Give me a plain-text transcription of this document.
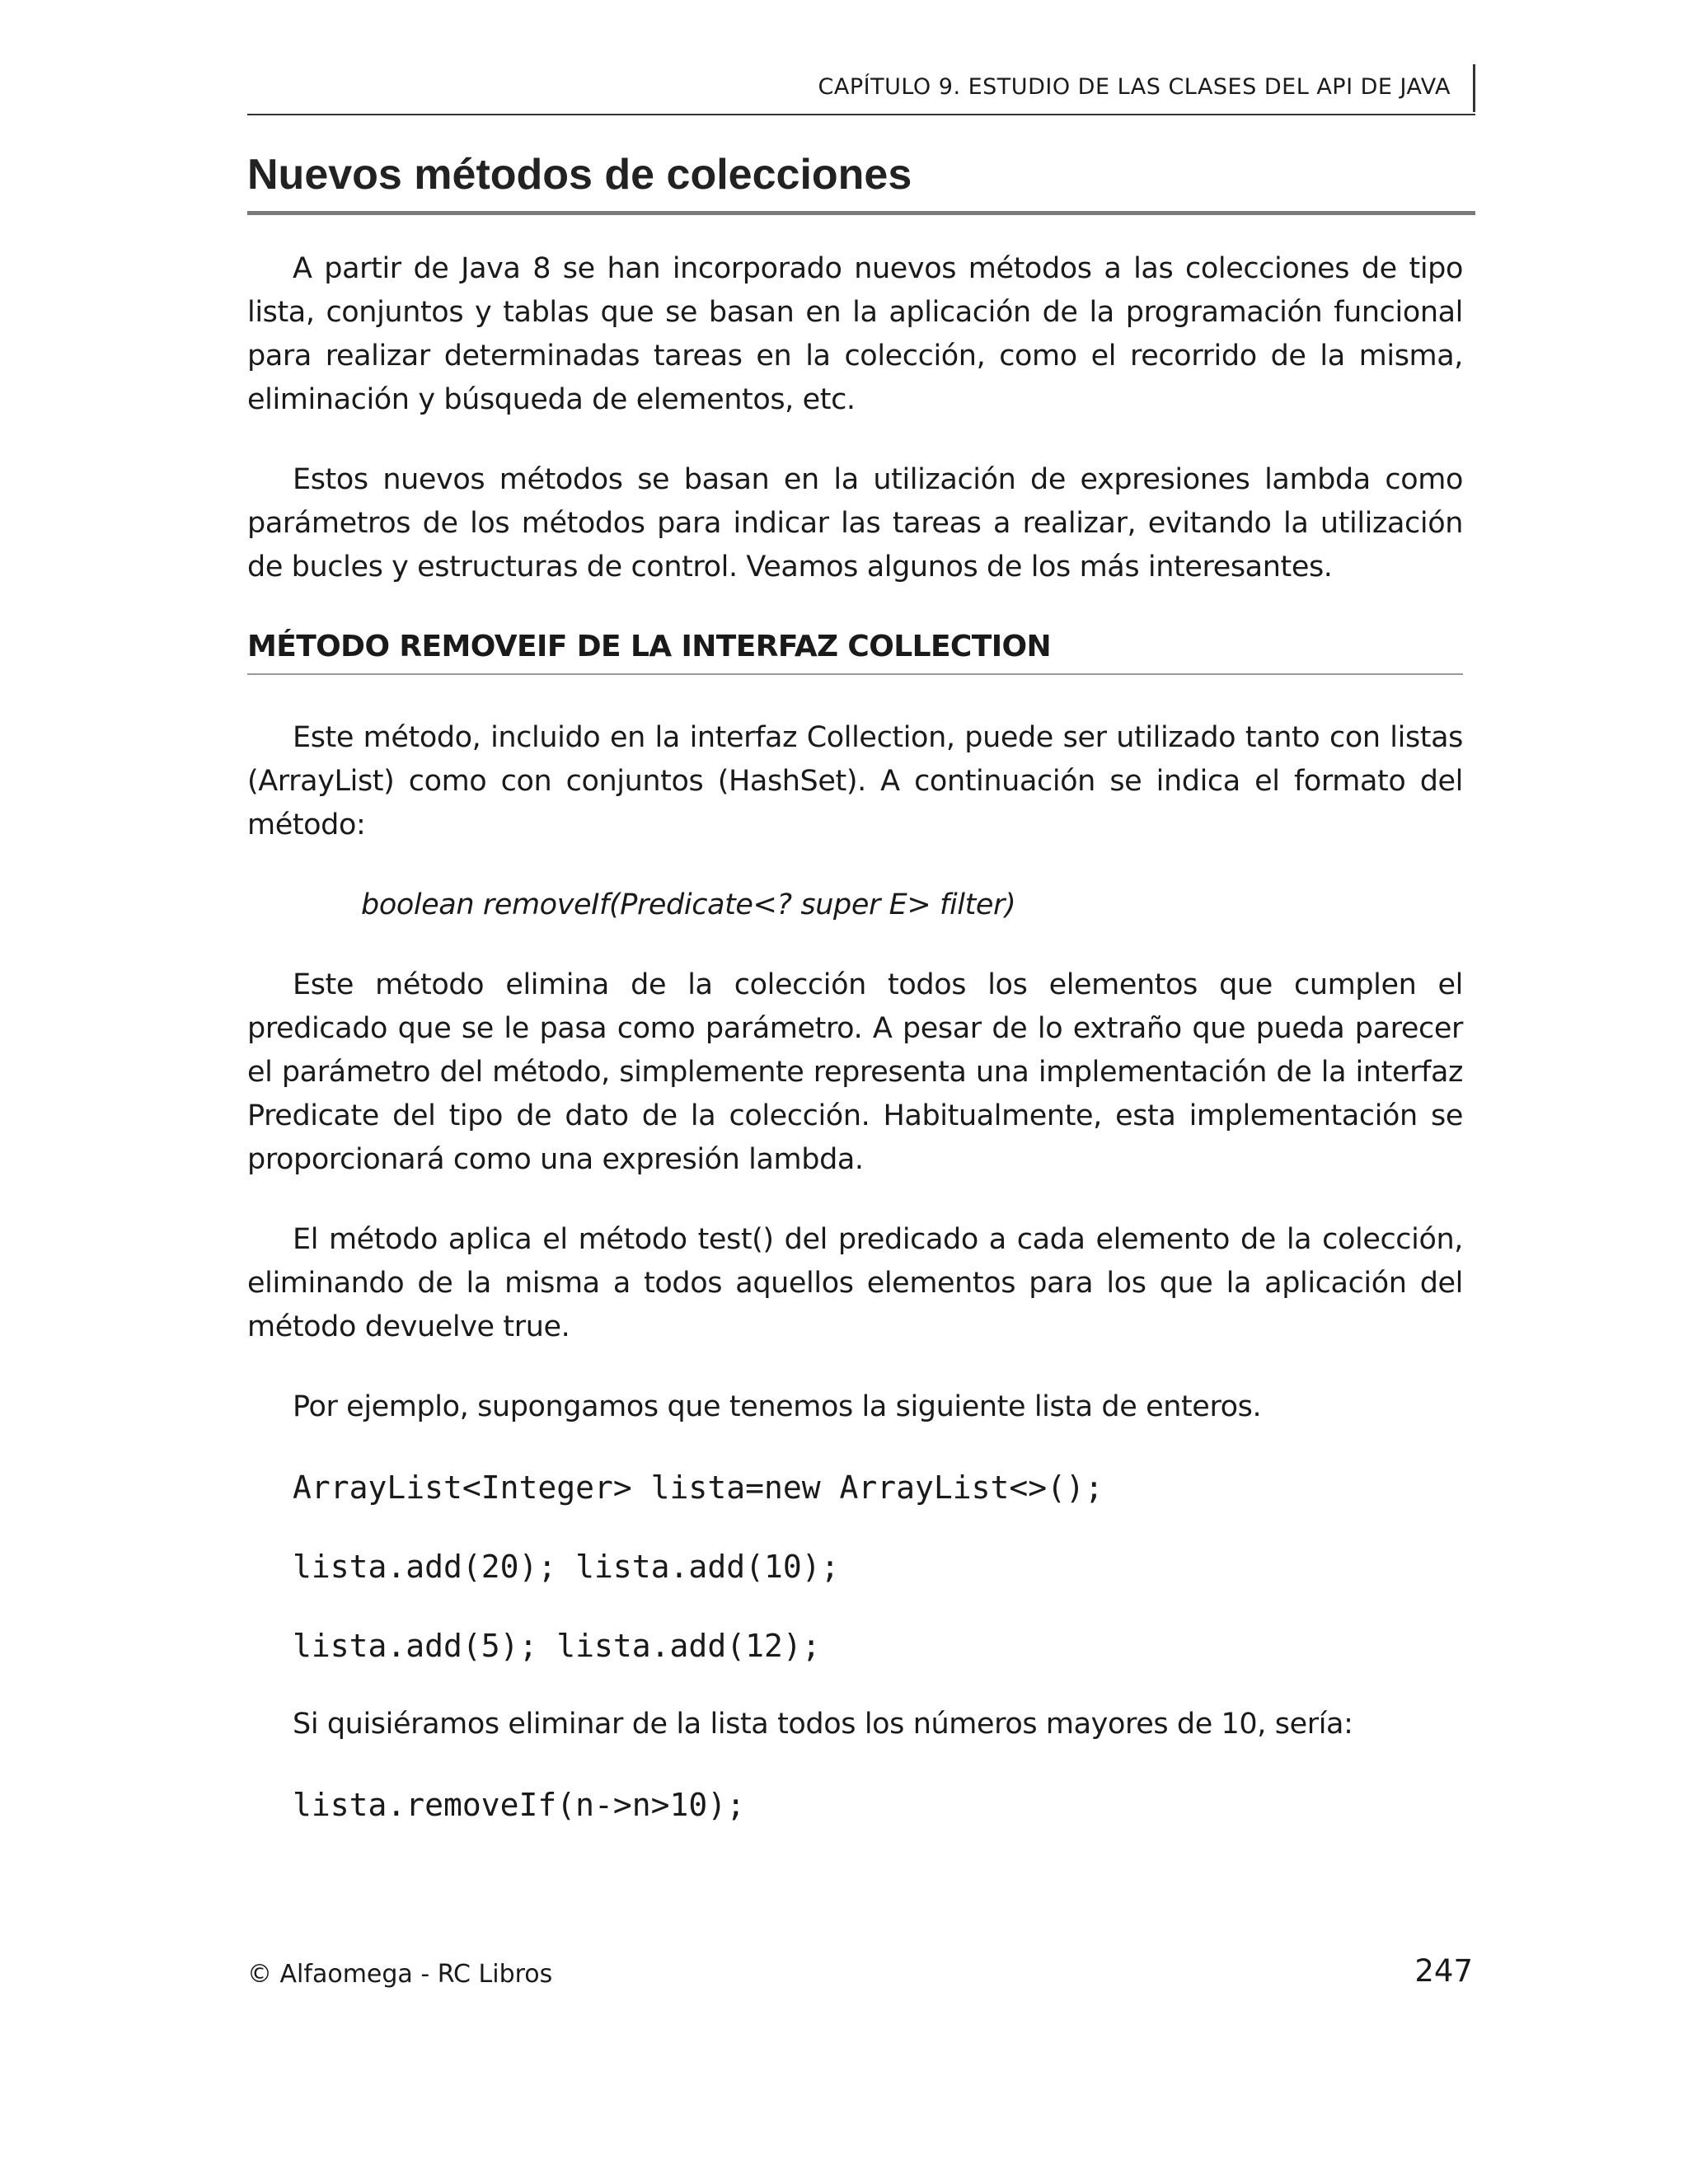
CAPÍTULO 9. ESTUDIO DE LAS CLASES DEL API DE JAVA
Nuevos métodos de colecciones

A partir de Java 8 se han incorporado nuevos métodos a las colecciones de tipo lista, conjuntos y tablas que se basan en la aplicación de la programación funcional para realizar determinadas tareas en la colección, como el recorrido de la misma, eliminación y búsqueda de elementos, etc.

Estos nuevos métodos se basan en la utilización de expresiones lambda como parámetros de los métodos para indicar las tareas a realizar, evitando la utilización de bucles y estructuras de control. Veamos algunos de los más interesantes.

MÉTODO REMOVEIF DE LA INTERFAZ COLLECTION

Este método, incluido en la interfaz Collection, puede ser utilizado tanto con listas (ArrayList) como con conjuntos (HashSet). A continuación se indica el formato del método:

boolean removeIf(Predicate<? super E> filter)

Este método elimina de la colección todos los elementos que cumplen el predicado que se le pasa como parámetro. A pesar de lo extraño que pueda parecer el parámetro del método, simplemente representa una implementación de la interfaz Predicate del tipo de dato de la colección. Habitualmente, esta implementación se proporcionará como una expresión lambda.

El método aplica el método test() del predicado a cada elemento de la colección, eliminando de la misma a todos aquellos elementos para los que la aplicación del método devuelve true.

Por ejemplo, supongamos que tenemos la siguiente lista de enteros.

ArrayList<Integer> lista=new ArrayList<>();
lista.add(20); lista.add(10);
lista.add(5); lista.add(12);

Si quisiéramos eliminar de la lista todos los números mayores de 10, sería:

lista.removeIf(n->n>10);
© Alfaomega - RC Libros	247
